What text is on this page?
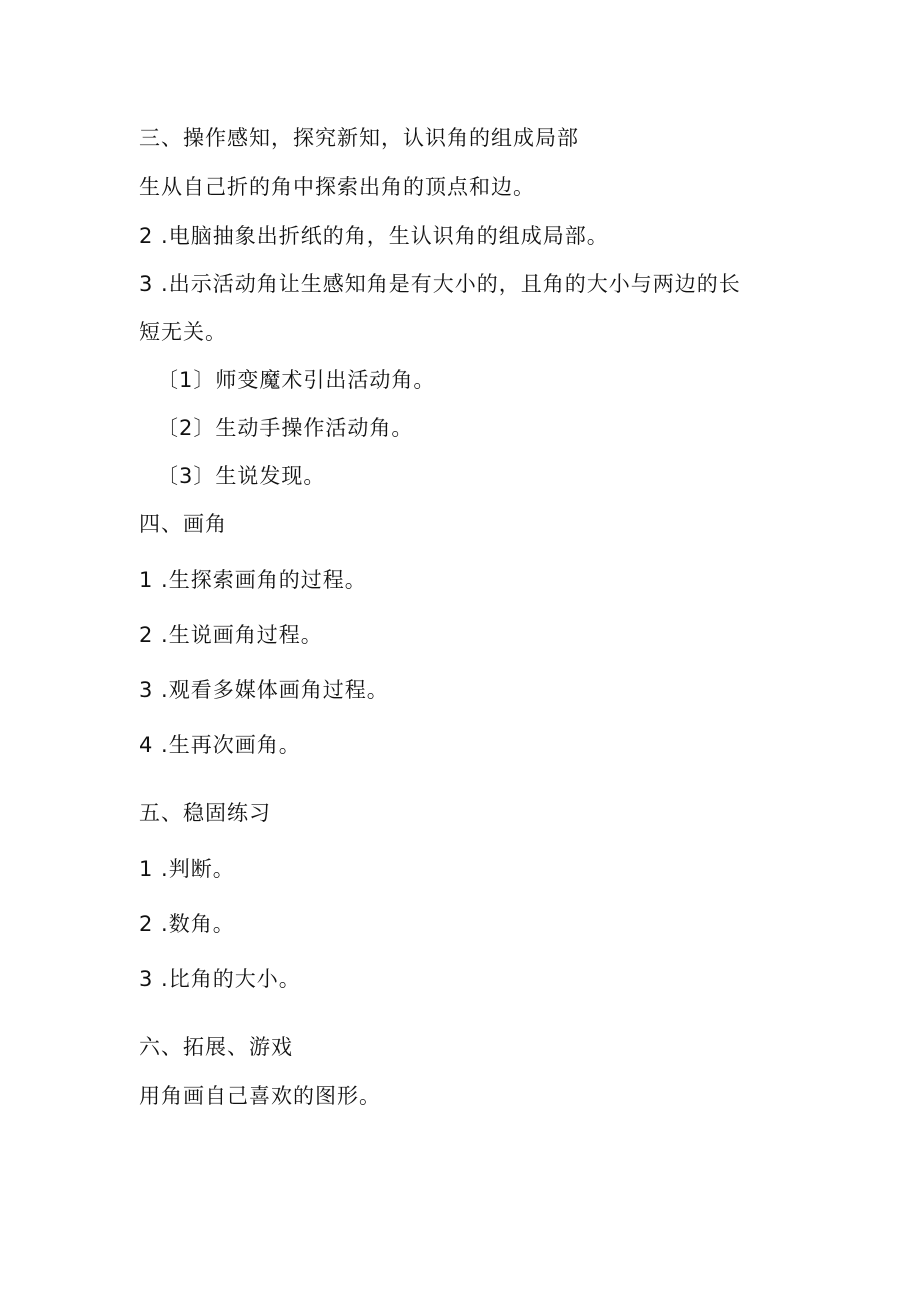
三、操作感知，探究新知，认识角的组成局部
生从自己折的角中探索出角的顶点和边。
2 .电脑抽象出折纸的角，生认识角的组成局部。
3 .出示活动角让生感知角是有大小的，且角的大小与两边的长
短无关。
〔1〕师变魔术引出活动角。
〔2〕生动手操作活动角。
〔3〕生说发现。
四、画角
1 .生探索画角的过程。
2 .生说画角过程。
3 .观看多媒体画角过程。
4 .生再次画角。
五、稳固练习
1 .判断。
2 .数角。
3 .比角的大小。
六、拓展、游戏
用角画自己喜欢的图形。
